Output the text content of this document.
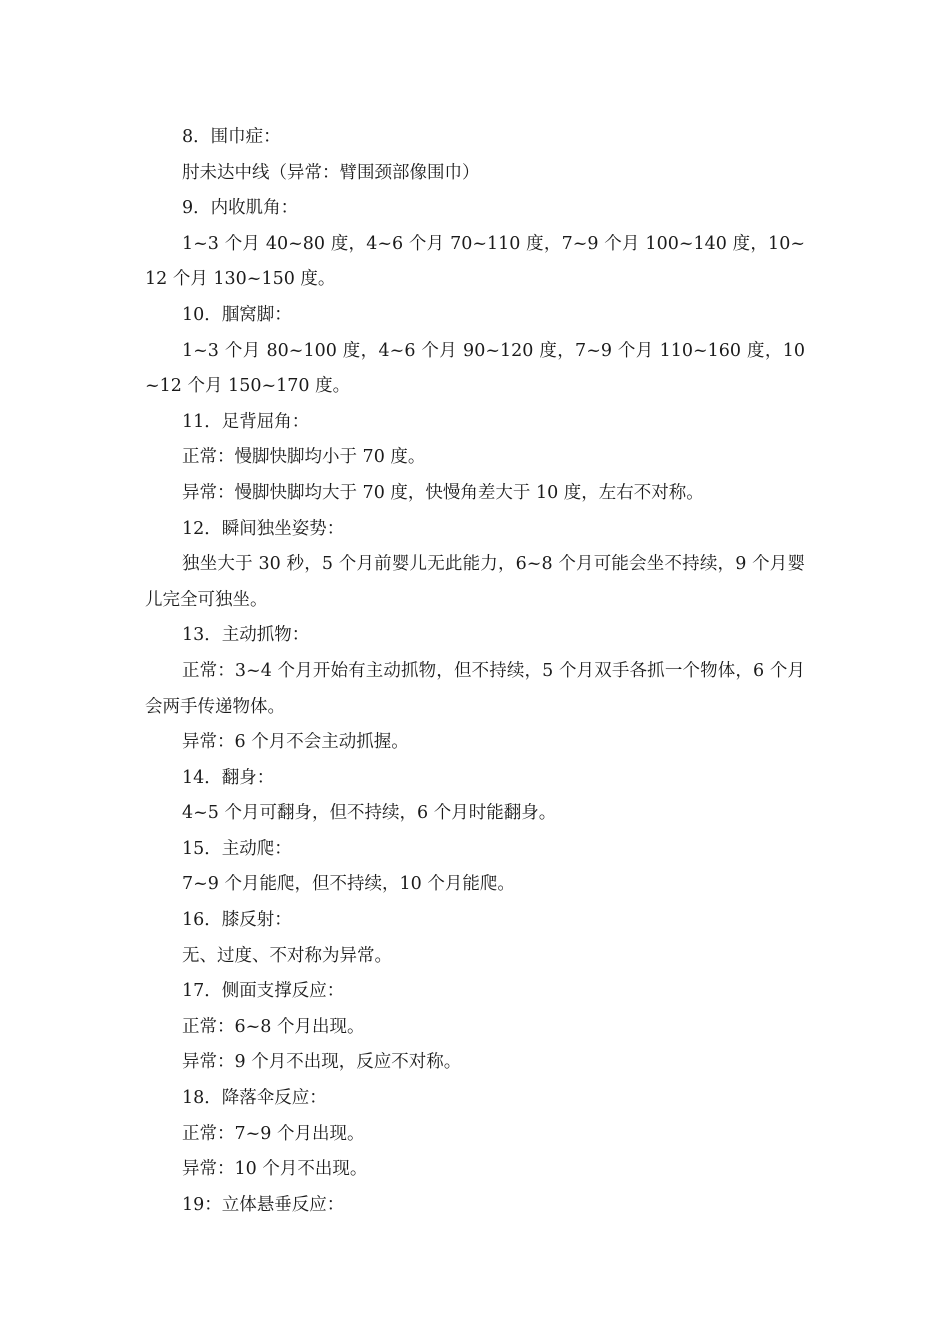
8．围巾症：

肘未达中线（异常：臂围颈部像围巾）

9．内收肌角：

1~3 个月 40~80 度，4~6 个月 70~110 度，7~9 个月 100~140 度，10~12 个月 130~150 度。

10．腘窝脚：

1~3 个月 80~100 度，4~6 个月 90~120 度，7~9 个月 110~160 度，10~12 个月 150~170 度。

11．足背屈角：

正常：慢脚快脚均小于 70 度。

异常：慢脚快脚均大于 70 度，快慢角差大于 10 度，左右不对称。

12．瞬间独坐姿势：

独坐大于 30 秒，5 个月前婴儿无此能力，6~8 个月可能会坐不持续，9 个月婴儿完全可独坐。

13．主动抓物：

正常：3~4 个月开始有主动抓物，但不持续，5 个月双手各抓一个物体，6 个月会两手传递物体。

异常：6 个月不会主动抓握。

14．翻身：

4~5 个月可翻身，但不持续，6 个月时能翻身。

15．主动爬：

7~9 个月能爬，但不持续，10 个月能爬。

16．膝反射：

无、过度、不对称为异常。

17．侧面支撑反应：

正常：6~8 个月出现。

异常：9 个月不出现，反应不对称。

18．降落伞反应：

正常：7~9 个月出现。

异常：10 个月不出现。

19：立体悬垂反应：
